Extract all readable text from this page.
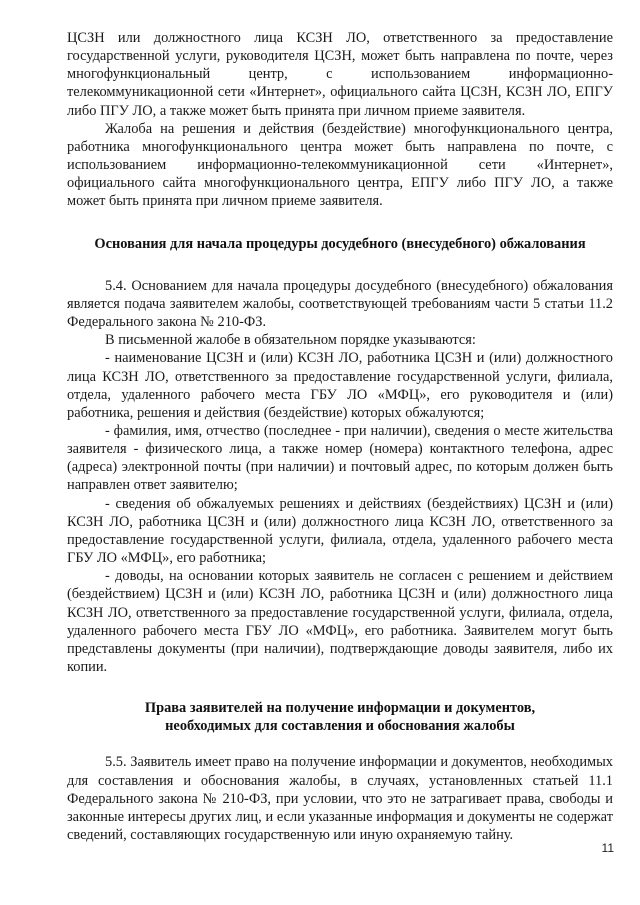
ЦСЗН или должностного лица КСЗН ЛО, ответственного за предоставление государственной услуги, руководителя ЦСЗН, может быть направлена по почте, через многофункциональный центр, с использованием информационно-телекоммуникационной сети «Интернет», официального сайта ЦСЗН, КСЗН ЛО, ЕПГУ либо ПГУ ЛО, а также может быть принята при личном приеме заявителя.

Жалоба на решения и действия (бездействие) многофункционального центра, работника многофункционального центра может быть направлена по почте, с использованием информационно-телекоммуникационной сети «Интернет», официального сайта многофункционального центра, ЕПГУ либо ПГУ ЛО, а также может быть принята при личном приеме заявителя.

Основания для начала процедуры досудебного (внесудебного) обжалования

5.4. Основанием для начала процедуры досудебного (внесудебного) обжалования является подача заявителем жалобы, соответствующей требованиям части 5 статьи 11.2 Федерального закона № 210-ФЗ.

В письменной жалобе в обязательном порядке указываются:

- наименование ЦСЗН и (или) КСЗН ЛО, работника ЦСЗН и (или) должностного лица КСЗН ЛО, ответственного за предоставление государственной услуги, филиала, отдела, удаленного рабочего места ГБУ ЛО «МФЦ», его руководителя и (или) работника, решения и действия (бездействие) которых обжалуются;

- фамилия, имя, отчество (последнее - при наличии), сведения о месте жительства заявителя - физического лица, а также номер (номера) контактного телефона, адрес (адреса) электронной почты (при наличии) и почтовый адрес, по которым должен быть направлен ответ заявителю;

- сведения об обжалуемых решениях и действиях (бездействиях) ЦСЗН и (или) КСЗН ЛО, работника ЦСЗН и (или) должностного лица КСЗН ЛО, ответственного за предоставление государственной услуги, филиала, отдела, удаленного рабочего места ГБУ ЛО «МФЦ», его работника;

- доводы, на основании которых заявитель не согласен с решением и действием (бездействием) ЦСЗН и (или) КСЗН ЛО, работника ЦСЗН и (или) должностного лица КСЗН ЛО, ответственного за предоставление государственной услуги, филиала, отдела, удаленного рабочего места ГБУ ЛО «МФЦ», его работника. Заявителем могут быть представлены документы (при наличии), подтверждающие доводы заявителя, либо их копии.

Права заявителей на получение информации и документов,
необходимых для составления и обоснования жалобы

5.5. Заявитель имеет право на получение информации и документов, необходимых для составления и обоснования жалобы, в случаях, установленных статьей 11.1 Федерального закона № 210-ФЗ, при условии, что это не затрагивает права, свободы и законные интересы других лиц, и если указанные информация и документы не содержат сведений, составляющих государственную или иную охраняемую тайну.

11
